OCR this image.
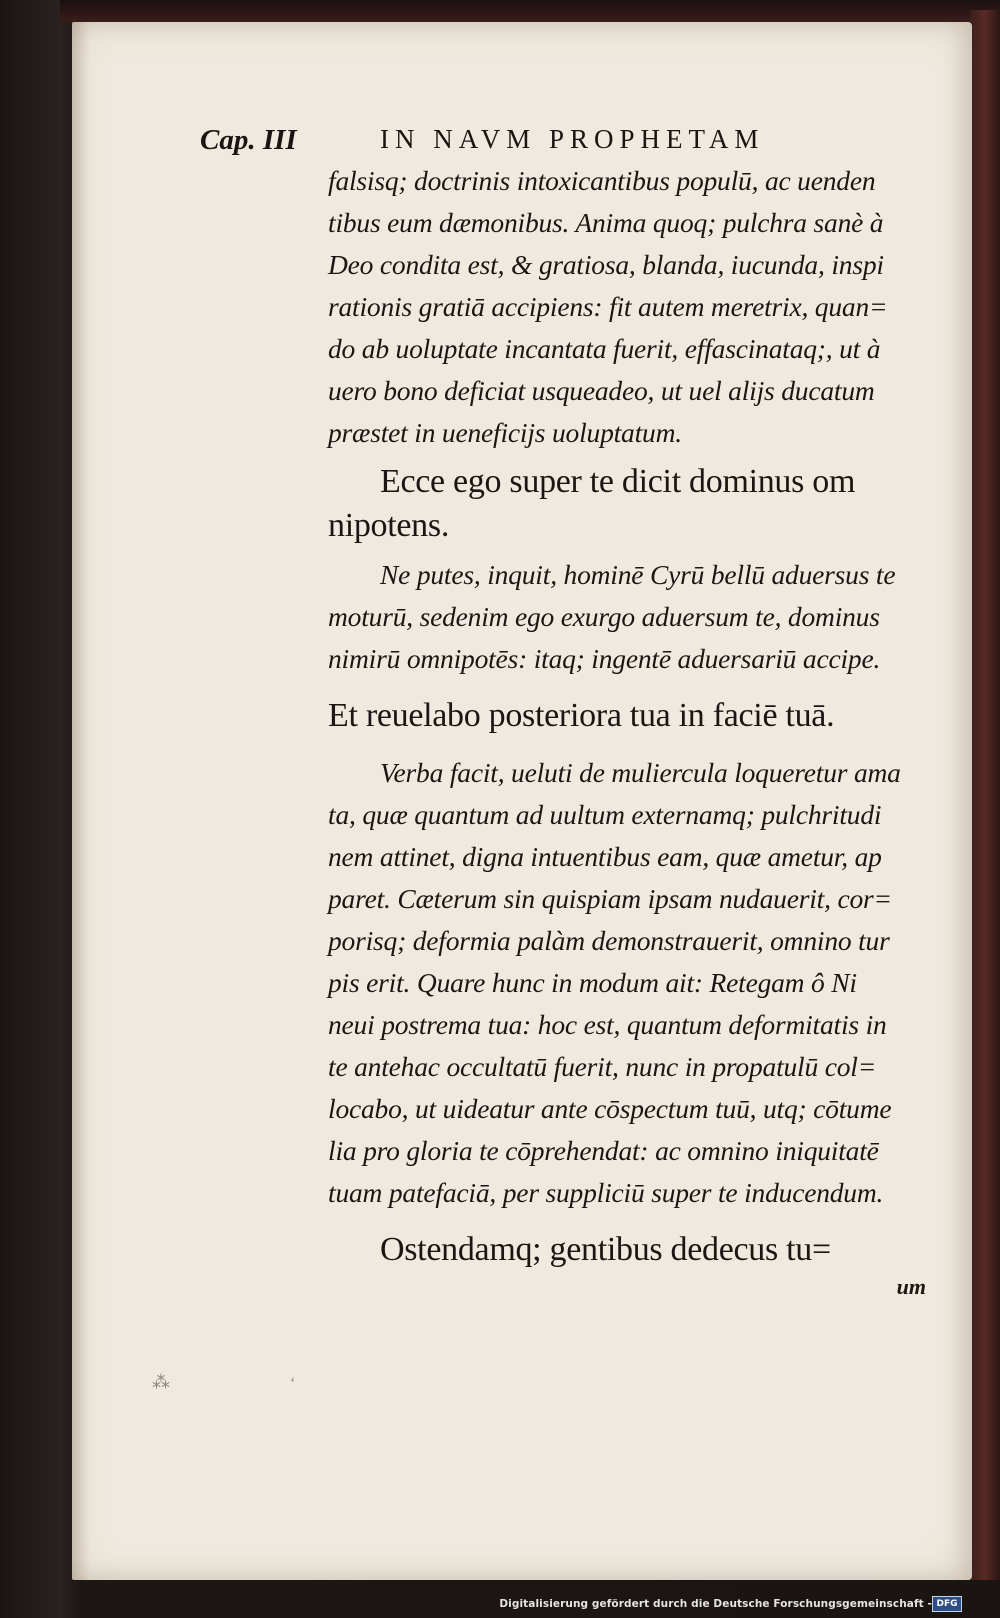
Cap. III	IN NAVM PROPHETAM
falsisq; doctrinis intoxicantibus populū, ac uenden
tibus eum dæmonibus. Anima quoq; pulchra sanè à
Deo condita est, & gratiosa, blanda, iucunda, inspi
rationis gratiā accipiens: fit autem meretrix, quan=
do ab uoluptate incantata fuerit, effascinataq;, ut à
uero bono deficiat usqueadeo, ut uel alijs ducatum
præstet in ueneficijs uoluptatum.
Ecce ego super te dicit dominus om
nipotens.
Ne putes, inquit, hominē Cyrū bellū aduersus te
moturū, sedenim ego exurgo aduersum te, dominus
nimirū omnipotēs: itaq; ingentē aduersariū accipe.
Et reuelabo posteriora tua in faciē tuā.
Verba facit, ueluti de muliercula loqueretur ama
ta, quæ quantum ad uultum externamq; pulchritudi
nem attinet, digna intuentibus eam, quæ ametur, ap
paret. Cæterum sin quispiam ipsam nudauerit, cor=
porisq; deformia palàm demonstrauerit, omnino tur
pis erit. Quare hunc in modum ait: Retegam ô Ni
neui postrema tua: hoc est, quantum deformitatis in
te antehac occultatū fuerit, nunc in propatulū col=
locabo, ut uideatur ante cōspectum tuū, utq; cōtume
lia pro gloria te cōprehendat: ac omnino iniquitatē
tuam patefaciā, per suppliciū super te inducendum.
Ostendamq; gentibus dedecus tu=
um
⁂	ʻ
Digitalisierung gefördert durch die Deutsche Forschungsgemeinschaft - DFG
